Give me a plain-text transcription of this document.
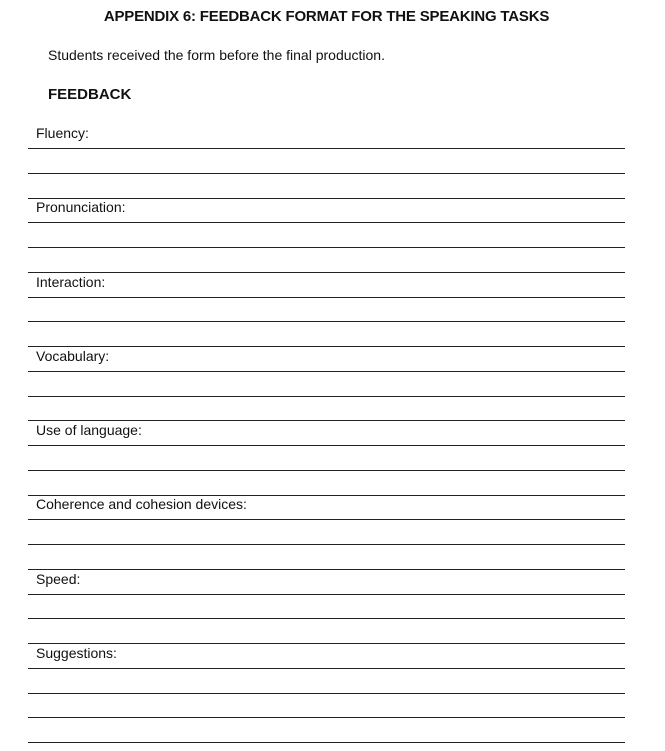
APPENDIX 6: FEEDBACK FORMAT FOR THE SPEAKING TASKS
Students received the form before the final production.
FEEDBACK
Fluency:
Pronunciation:
Interaction:
Vocabulary:
Use of language:
Coherence and cohesion devices:
Speed:
Suggestions:
